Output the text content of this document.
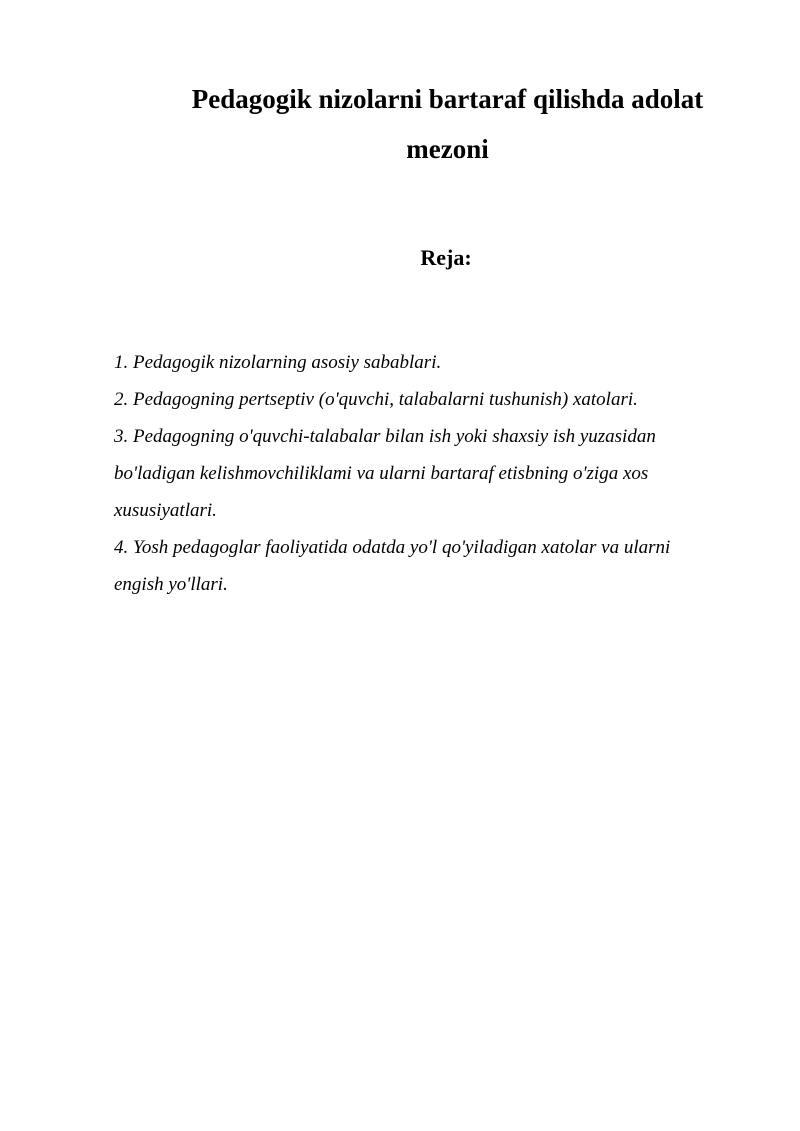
Pedagogik nizolarni bartaraf qilishda adolat
mezoni
Reja:
1. Pedagogik nizolarning asosiy sabablari.
2. Pedagogning pertseptiv (o'quvchi, talabalarni tushunish) xatolari.
3. Pedagogning o'quvchi-talabalar bilan ish yoki shaxsiy ish yuzasidan
bo'ladigan kelishmovchiliklami va ularni bartaraf etisbning o'ziga xos
xususiyatlari.
4. Yosh pedagoglar faoliyatida odatda yo'l qo'yiladigan xatolar va ularni
engish yo'llari.
